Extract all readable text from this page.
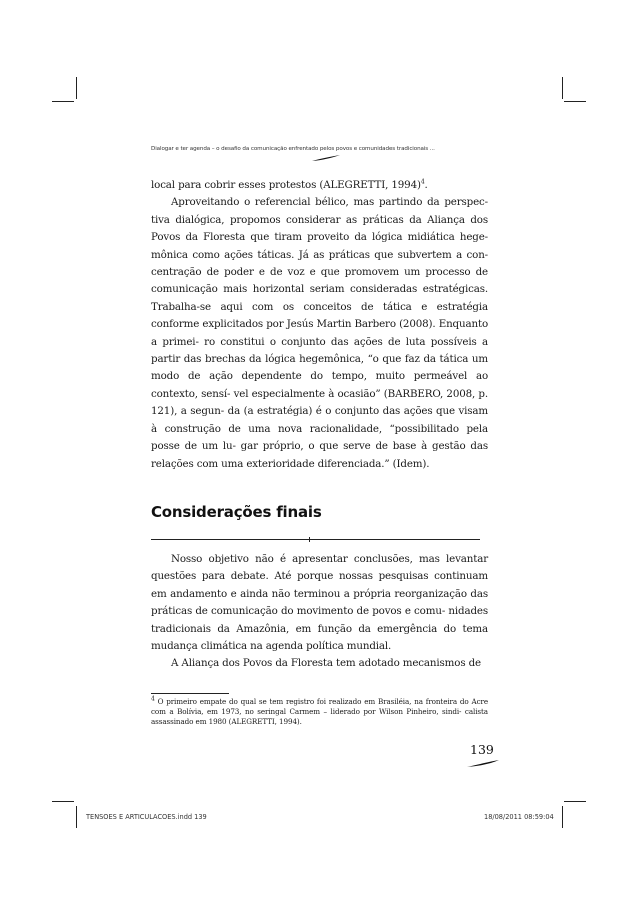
Dialogar e ter agenda – o desafio da comunicação enfrentado pelos povos e comunidades tradicionais ...

local para cobrir esses protestos (ALEGRETTI, 1994)$^4$.

Aproveitando o referencial bélico, mas partindo da perspec- tiva dialógica, propomos considerar as práticas da Aliança dos Povos da Floresta que tiram proveito da lógica midiática hege- mônica como ações táticas. Já as práticas que subvertem a con- centração de poder e de voz e que promovem um processo de comunicação mais horizontal seriam consideradas estratégicas. Trabalha-se aqui com os conceitos de tática e estratégia conforme explicitados por Jesús Martin Barbero (2008). Enquanto a primei- ro constitui o conjunto das ações de luta possíveis a partir das brechas da lógica hegemônica, “o que faz da tática um modo de ação dependente do tempo, muito permeável ao contexto, sensí- vel especialmente à ocasião” (BARBERO, 2008, p. 121), a segun- da (a estratégia) é o conjunto das ações que visam à construção de uma nova racionalidade, “possibilitado pela posse de um lu- gar próprio, o que serve de base à gestão das relações com uma exterioridade diferenciada.” (Idem).

Considerações finais

Nosso objetivo não é apresentar conclusões, mas levantar questões para debate. Até porque nossas pesquisas continuam em andamento e ainda não terminou a própria reorganização das práticas de comunicação do movimento de povos e comu- nidades tradicionais da Amazônia, em função da emergência do tema mudança climática na agenda política mundial.

A Aliança dos Povos da Floresta tem adotado mecanismos de

$^4$ O primeiro empate do qual se tem registro foi realizado em Brasiléia, na fronteira do Acre com a Bolívia, em 1973, no seringal Carmem – liderado por Wilson Pinheiro, sindi- calista assassinado em 1980 (ALEGRETTI, 1994).

139
TENSOES E ARTICULACOES.indd 139	18/08/2011 08:59:04
